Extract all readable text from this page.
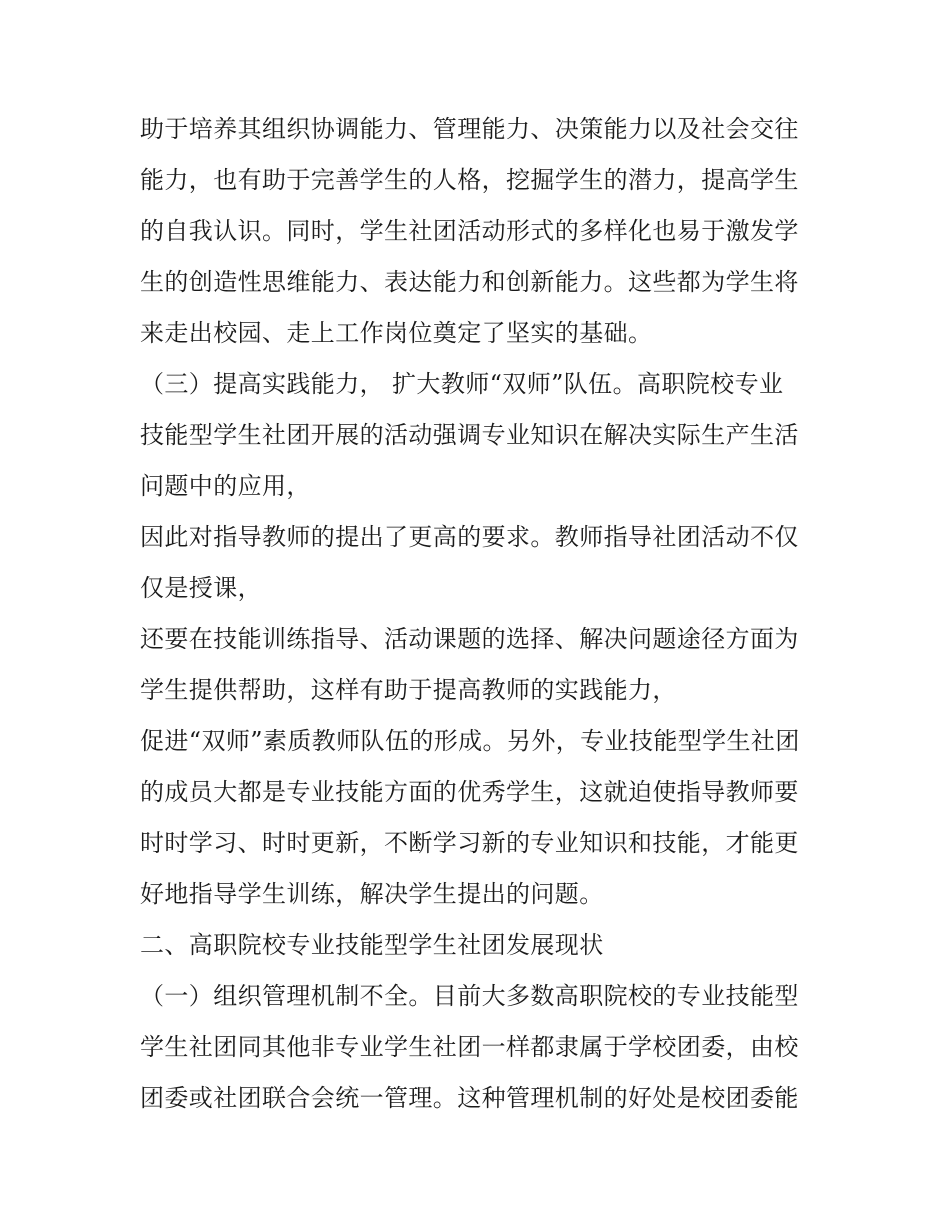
助于培养其组织协调能力、管理能力、决策能力以及社会交往
能力，也有助于完善学生的人格，挖掘学生的潜力，提高学生
的自我认识。同时，学生社团活动形式的多样化也易于激发学
生的创造性思维能力、表达能力和创新能力。这些都为学生将
来走出校园、走上工作岗位奠定了坚实的基础。
（三）提高实践能力， 扩大教师“双师”队伍。高职院校专业
技能型学生社团开展的活动强调专业知识在解决实际生产生活
问题中的应用，
因此对指导教师的提出了更高的要求。教师指导社团活动不仅
仅是授课，
还要在技能训练指导、活动课题的选择、解决问题途径方面为
学生提供帮助，这样有助于提高教师的实践能力，
促进“双师”素质教师队伍的形成。另外，专业技能型学生社团
的成员大都是专业技能方面的优秀学生，这就迫使指导教师要
时时学习、时时更新，不断学习新的专业知识和技能，才能更
好地指导学生训练，解决学生提出的问题。
二、高职院校专业技能型学生社团发展现状
（一）组织管理机制不全。目前大多数高职院校的专业技能型
学生社团同其他非专业学生社团一样都隶属于学校团委，由校
团委或社团联合会统一管理。这种管理机制的好处是校团委能
